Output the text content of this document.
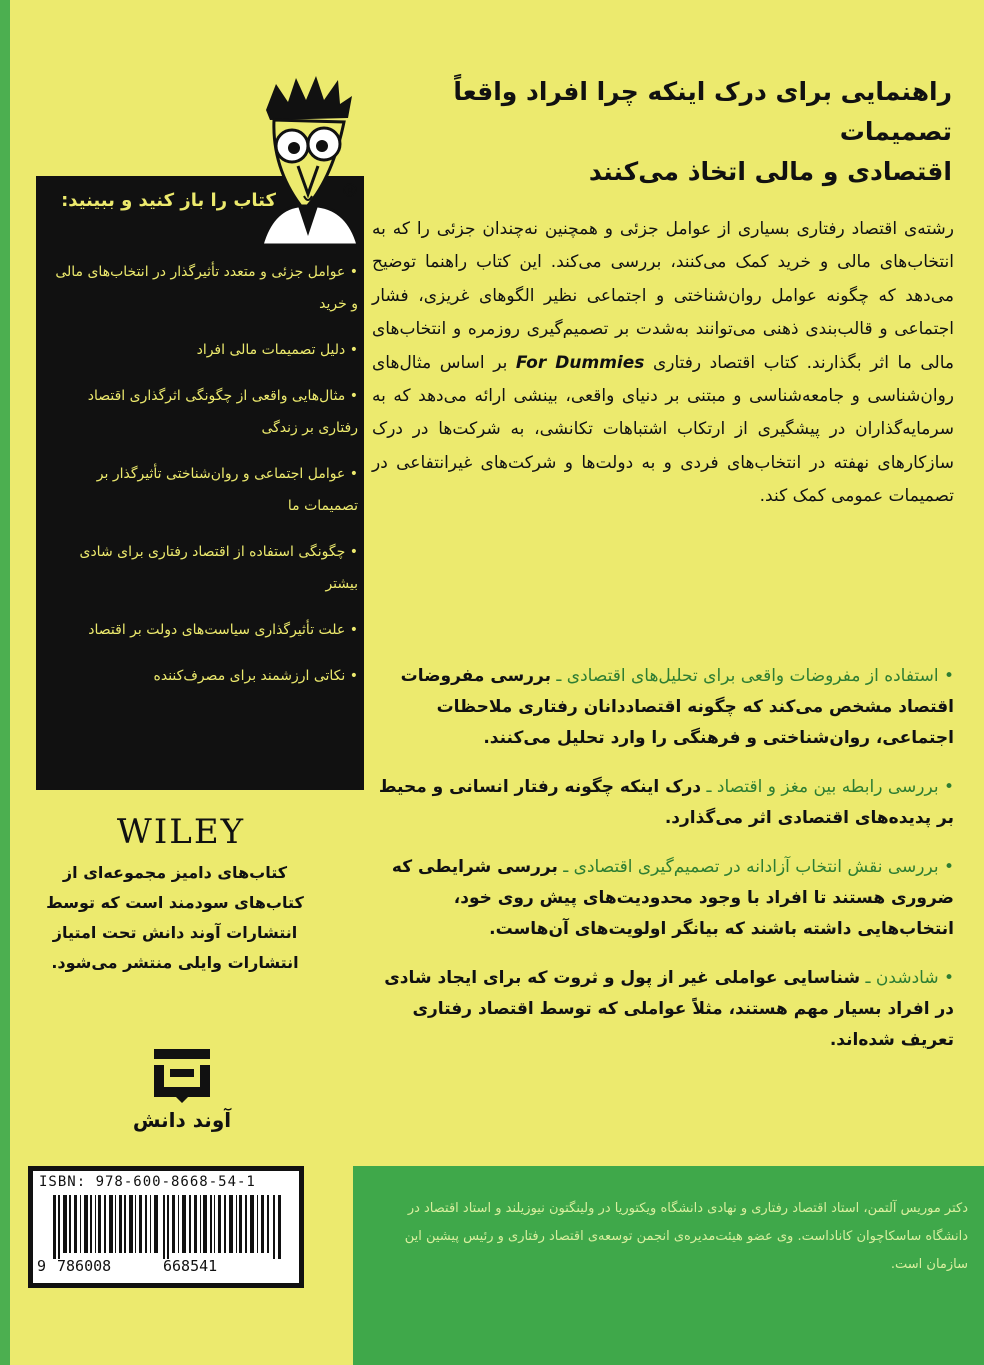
راهنمایی برای درک اینکه چرا افراد واقعاً تصمیمات
اقتصادی و مالی اتخاذ می‌کنند
رشته‌ی اقتصاد رفتاری بسیاری از عوامل جزئی و همچنین نه‌چندان جزئی را که به انتخاب‌های مالی و خرید کمک می‌کنند، بررسی می‌کند. این کتاب راهنما توضیح می‌دهد که چگونه عوامل روان‌شناختی و اجتماعی نظیر الگوهای غریزی، فشار اجتماعی و قالب‌بندی ذهنی می‌توانند به‌شدت بر تصمیم‌گیری روزمره و انتخاب‌های مالی ما اثر بگذارند. کتاب اقتصاد رفتاری For Dummies بر اساس مثال‌های روان‌شناسی و جامعه‌شناسی و مبتنی بر دنیای واقعی، بینشی ارائه می‌دهد که به سرمایه‌گذاران در پیشگیری از ارتکاب اشتباهات تکانشی، به شرکت‌ها در درک سازکارهای نهفته در انتخاب‌های فردی و به دولت‌ها و شرکت‌های غیرانتفاعی در تصمیمات عمومی کمک کند.
• استفاده از مفروضات واقعی برای تحلیل‌های اقتصادی ـ بررسی مفروضات اقتصاد مشخص می‌کند که چگونه اقتصاددانان رفتاری ملاحظات اجتماعی، روان‌شناختی و فرهنگی را وارد تحلیل می‌کنند.
• بررسی رابطه بین مغز و اقتصاد ـ درک اینکه چگونه رفتار انسانی و محیط بر پدیده‌های اقتصادی اثر می‌گذارد.
• بررسی نقش انتخاب آزادانه در تصمیم‌گیری اقتصادی ـ بررسی شرایطی که ضروری هستند تا افراد با وجود محدودیت‌های پیش روی خود، انتخاب‌هایی داشته باشند که بیانگر اولویت‌های آن‌هاست.
• شادشدن ـ شناسایی عواملی غیر از پول و ثروت که برای ایجاد شادی در افراد بسیار مهم هستند، مثلاً عواملی که توسط اقتصاد رفتاری تعریف شده‌اند.
کتاب را باز کنید و ببینید:
• عوامل جزئی و متعدد تأثیرگذار در انتخاب‌های مالی و خرید
• دلیل تصمیمات مالی افراد
• مثال‌هایی واقعی از چگونگی اثرگذاری اقتصاد رفتاری بر زندگی
• عوامل اجتماعی و روان‌شناختی تأثیرگذار بر تصمیمات ما
• چگونگی استفاده از اقتصاد رفتاری برای شادی بیشتر
• علت تأثیرگذاری سیاست‌های دولت بر اقتصاد
• نکاتی ارزشمند برای مصرف‌کننده
R
WILEY
کتاب‌های دامیز مجموعه‌ای از کتاب‌های سودمند است که توسط انتشارات آوند دانش تحت امتیاز انتشارات وایلی منتشر می‌شود.
آوند دانش
ISBN: 978-600-8668-54-1
9 786008	668541
دکتر موریس آلتمن، استاد اقتصاد رفتاری و نهادی دانشگاه ویکتوریا در ولینگتون نیوزیلند و استاد اقتصاد در دانشگاه ساسکاچوان کاناداست. وی عضو هیئت‌مدیره‌ی انجمن توسعه‌ی اقتصاد رفتاری و رئیس پیشین این سازمان است.
